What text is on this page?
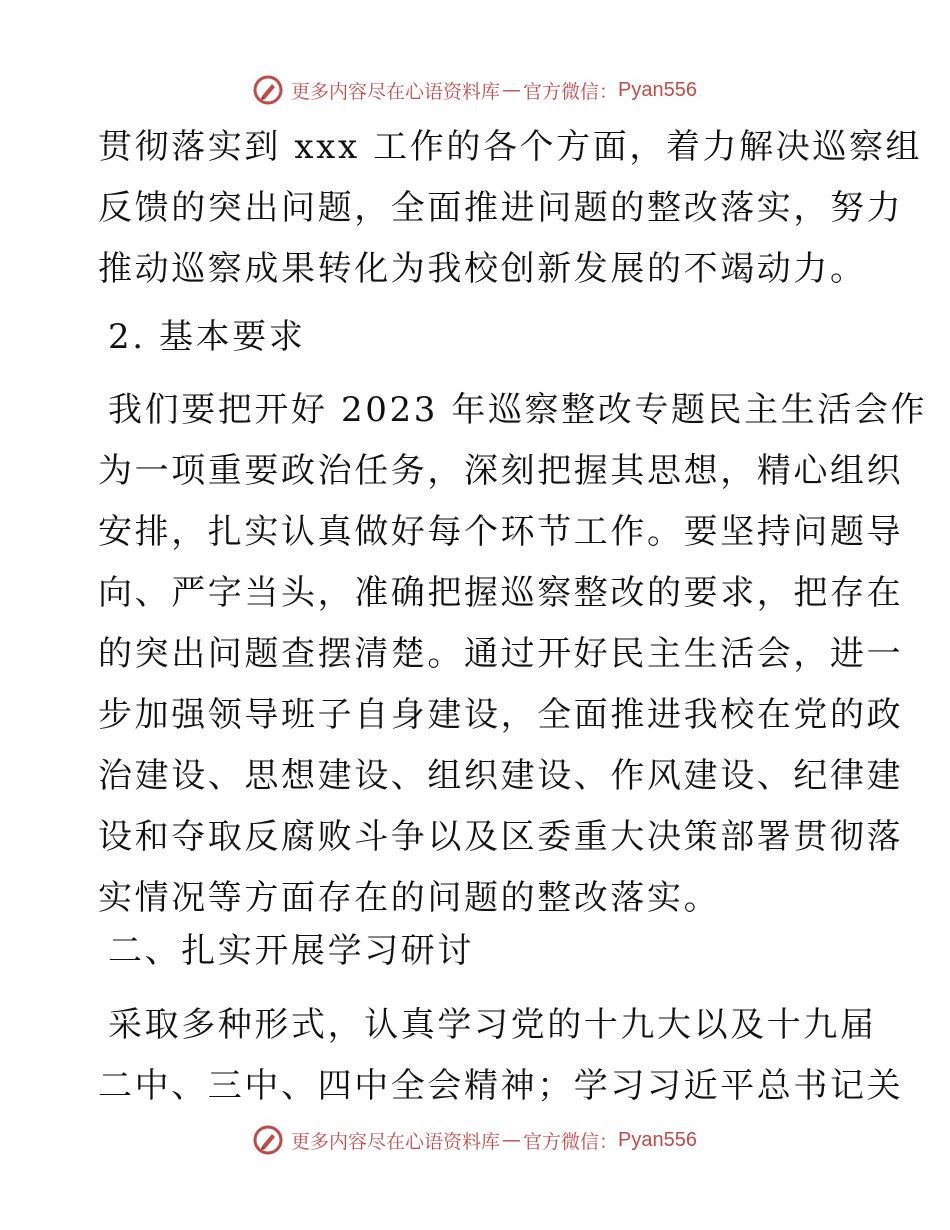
更多内容尽在心语资料库 — 官方微信： Pyan556
贯彻落实到 xxx 工作的各个方面，着力解决巡察组
反馈的突出问题，全面推进问题的整改落实，努力
推动巡察成果转化为我校创新发展的不竭动力。
2. 基本要求
我们要把开好 2023 年巡察整改专题民主生活会作
为一项重要政治任务，深刻把握其思想，精心组织
安排，扎实认真做好每个环节工作。要坚持问题导
向、严字当头，准确把握巡察整改的要求，把存在
的突出问题查摆清楚。通过开好民主生活会，进一
步加强领导班子自身建设，全面推进我校在党的政
治建设、思想建设、组织建设、作风建设、纪律建
设和夺取反腐败斗争以及区委重大决策部署贯彻落
实情况等方面存在的问题的整改落实。
二、扎实开展学习研讨
采取多种形式，认真学习党的十九大以及十九届
二中、三中、四中全会精神；学习习近平总书记关
更多内容尽在心语资料库 — 官方微信： Pyan556
